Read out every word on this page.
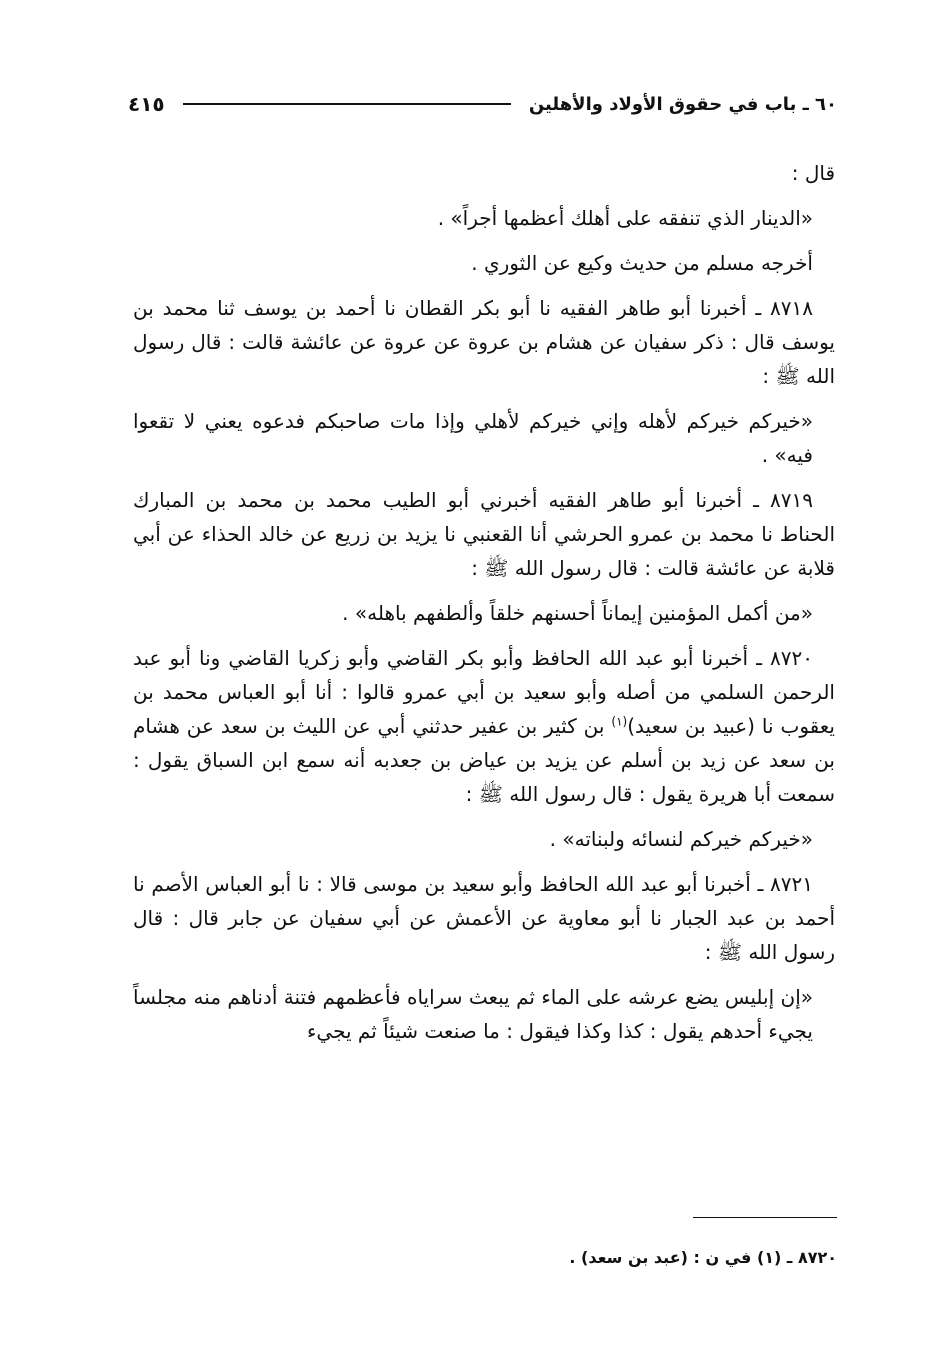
٦٠ ـ باب في حقوق الأولاد والأهلين
٤١٥

قال :

«الدينار الذي تنفقه على أهلك أعظمها أجراً» .

أخرجه مسلم من حديث وكيع عن الثوري .

٨٧١٨ ـ أخبرنا أبو طاهر الفقيه نا أبو بكر القطان نا أحمد بن يوسف ثنا محمد بن يوسف قال : ذكر سفيان عن هشام بن عروة عن عروة عن عائشة قالت : قال رسول الله ﷺ :

«خيركم خيركم لأهله وإني خيركم لأهلي وإذا مات صاحبكم فدعوه يعني لا تقعوا فيه» .

٨٧١٩ ـ أخبرنا أبو طاهر الفقيه أخبرني أبو الطيب محمد بن محمد بن المبارك الحناط نا محمد بن عمرو الحرشي أنا القعنبي نا يزيد بن زريع عن خالد الحذاء عن أبي قلابة عن عائشة قالت : قال رسول الله ﷺ :

«من أكمل المؤمنين إيماناً أحسنهم خلقاً وألطفهم باهله» .

٨٧٢٠ ـ أخبرنا أبو عبد الله الحافظ وأبو بكر القاضي وأبو زكريا القاضي ونا أبو عبد الرحمن السلمي من أصله وأبو سعيد بن أبي عمرو قالوا : أنا أبو العباس محمد بن يعقوب نا (عبيد بن سعيد)$^{(١)}$ بن كثير بن عفير حدثني أبي عن الليث بن سعد عن هشام بن سعد عن زيد بن أسلم عن يزيد بن عياض بن جعدبه أنه سمع ابن السباق يقول : سمعت أبا هريرة يقول : قال رسول الله ﷺ :

«خيركم خيركم لنسائه ولبناته» .

٨٧٢١ ـ أخبرنا أبو عبد الله الحافظ وأبو سعيد بن موسى قالا : نا أبو العباس الأصم نا أحمد بن عبد الجبار نا أبو معاوية عن الأعمش عن أبي سفيان عن جابر قال : قال رسول الله ﷺ :

«إن إبليس يضع عرشه على الماء ثم يبعث سراياه فأعظمهم فتنة أدناهم منه مجلساً يجيء أحدهم يقول : كذا وكذا فيقول : ما صنعت شيئاً ثم يجيء

٨٧٢٠ ـ (١) في ن : (عبد بن سعد) .
